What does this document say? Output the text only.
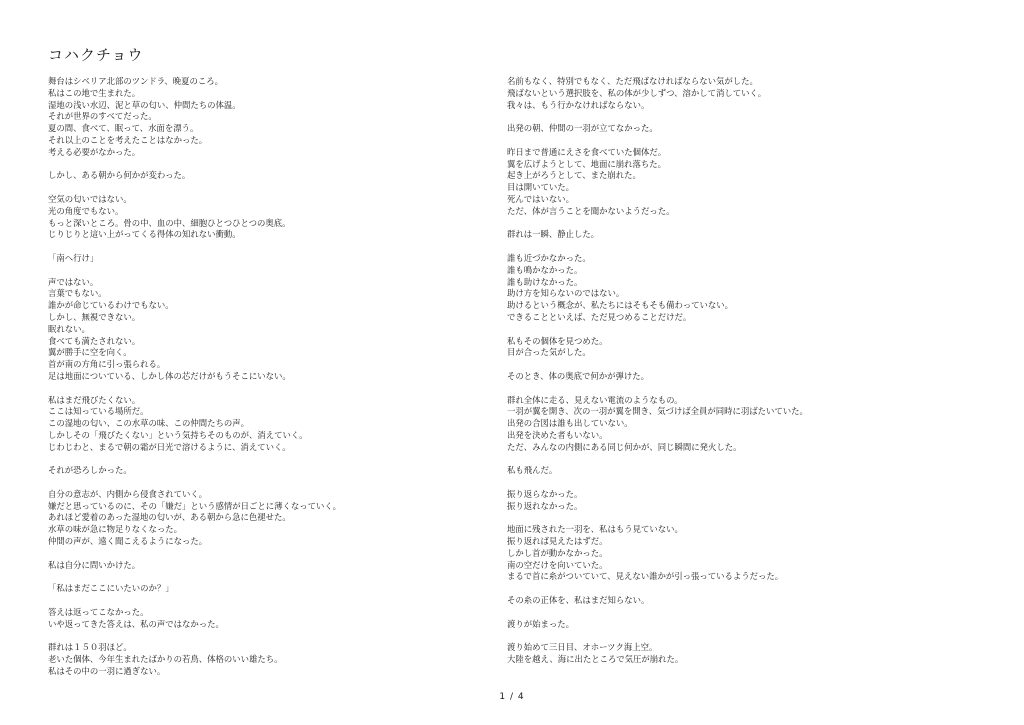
コハクチョウ
舞台はシベリア北部のツンドラ、晩夏のころ。
私はこの地で生まれた。
湿地の浅い水辺、泥と草の匂い、仲間たちの体温。
それが世界のすべてだった。
夏の間、食べて、眠って、水面を漂う。
それ以上のことを考えたことはなかった。
考える必要がなかった。
しかし、ある朝から何かが変わった。
空気の匂いではない。
光の角度でもない。
もっと深いところ。骨の中、血の中、細胞ひとつひとつの奥底。
じりじりと這い上がってくる得体の知れない衝動。
「南へ行け」
声ではない。
言葉でもない。
誰かが命じているわけでもない。
しかし、無視できない。
眠れない。
食べても満たされない。
翼が勝手に空を向く。
首が南の方角に引っ張られる。
足は地面についている、しかし体の芯だけがもうそこにいない。
私はまだ飛びたくない。
ここは知っている場所だ。
この湿地の匂い、この水草の味、この仲間たちの声。
しかしその「飛びたくない」という気持ちそのものが、消えていく。
じわじわと、まるで朝の霜が日光で溶けるように、消えていく。
それが恐ろしかった。
自分の意志が、内側から侵食されていく。
嫌だと思っているのに、その「嫌だ」という感情が日ごとに薄くなっていく。
あれほど愛着のあった湿地の匂いが、ある朝から急に色褪せた。
水草の味が急に物足りなくなった。
仲間の声が、遠く聞こえるようになった。
私は自分に問いかけた。
「私はまだここにいたいのか？」
答えは返ってこなかった。
いや返ってきた答えは、私の声ではなかった。
群れは１５０羽ほど。
老いた個体、今年生まれたばかりの若鳥、体格のいい雄たち。
私はその中の一羽に過ぎない。
名前もなく、特別でもなく、ただ飛ばなければならない気がした。
飛ばないという選択肢を、私の体が少しずつ、溶かして消していく。
我々は、もう行かなければならない。
出発の朝、仲間の一羽が立てなかった。
昨日まで普通にえさを食べていた個体だ。
翼を広げようとして、地面に崩れ落ちた。
起き上がろうとして、また崩れた。
目は開いていた。
死んではいない。
ただ、体が言うことを聞かないようだった。
群れは一瞬、静止した。
誰も近づかなかった。
誰も鳴かなかった。
誰も助けなかった。
助け方を知らないのではない。
助けるという概念が、私たちにはそもそも備わっていない。
できることといえば、ただ見つめることだけだ。
私もその個体を見つめた。
目が合った気がした。
そのとき、体の奥底で何かが弾けた。
群れ全体に走る、見えない電流のようなもの。
一羽が翼を開き、次の一羽が翼を開き、気づけば全員が同時に羽ばたいていた。
出発の合図は誰も出していない。
出発を決めた者もいない。
ただ、みんなの内側にある同じ何かが、同じ瞬間に発火した。
私も飛んだ。
振り返らなかった。
振り返れなかった。
地面に残された一羽を、私はもう見ていない。
振り返れば見えたはずだ。
しかし首が動かなかった。
南の空だけを向いていた。
まるで首に糸がついていて、見えない誰かが引っ張っているようだった。
その糸の正体を、私はまだ知らない。
渡りが始まった。
渡り始めて三日目、オホーツク海上空。
大陸を越え、海に出たところで気圧が崩れた。
1 / 4
